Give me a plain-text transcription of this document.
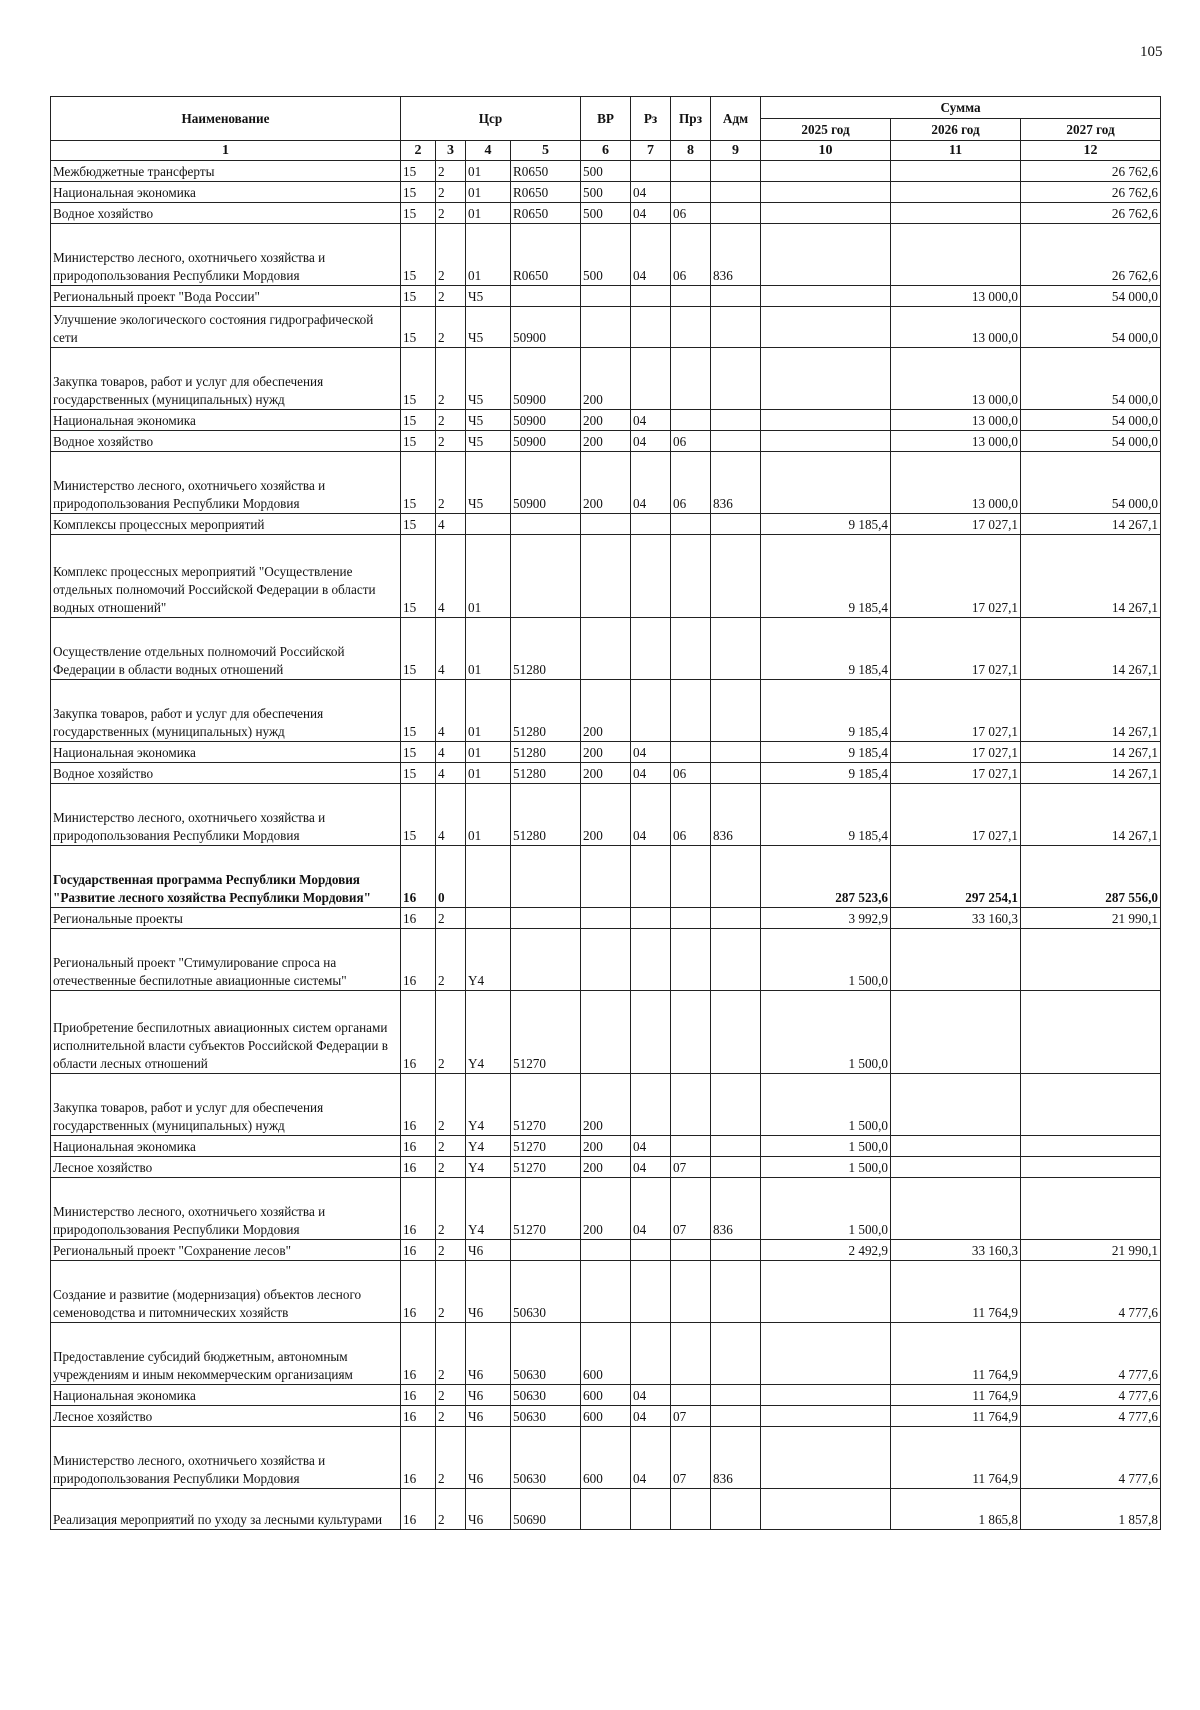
105
Наименование	Цср				ВР	Рз	Прз	Адм	Сумма		
									2025 год	2026 год	2027 год
1	2	3	4	5	6	7	8	9	10	11	12
Межбюджетные трансферты	15	2	01	R0650	500						26 762,6
Национальная экономика	15	2	01	R0650	500	04					26 762,6
Водное хозяйство	15	2	01	R0650	500	04	06				26 762,6
Министерство лесного, охотничьего хозяйства и природопользования Республики Мордовия	15	2	01	R0650	500	04	06	836			26 762,6
Региональный проект "Вода России"	15	2	Ч5							13 000,0	54 000,0
Улучшение экологического состояния гидрографической сети	15	2	Ч5	50900						13 000,0	54 000,0
Закупка товаров, работ и услуг для обеспечения государственных (муниципальных) нужд	15	2	Ч5	50900	200					13 000,0	54 000,0
Национальная экономика	15	2	Ч5	50900	200	04				13 000,0	54 000,0
Водное хозяйство	15	2	Ч5	50900	200	04	06			13 000,0	54 000,0
Министерство лесного, охотничьего хозяйства и природопользования Республики Мордовия	15	2	Ч5	50900	200	04	06	836		13 000,0	54 000,0
Комплексы процессных мероприятий	15	4							9 185,4	17 027,1	14 267,1
Комплекс процессных мероприятий "Осуществление отдельных полномочий Российской Федерации в области водных отношений"	15	4	01						9 185,4	17 027,1	14 267,1
Осуществление отдельных полномочий Российской Федерации в области водных отношений	15	4	01	51280					9 185,4	17 027,1	14 267,1
Закупка товаров, работ и услуг для обеспечения государственных (муниципальных) нужд	15	4	01	51280	200				9 185,4	17 027,1	14 267,1
Национальная экономика	15	4	01	51280	200	04			9 185,4	17 027,1	14 267,1
Водное хозяйство	15	4	01	51280	200	04	06		9 185,4	17 027,1	14 267,1
Министерство лесного, охотничьего хозяйства и природопользования Республики Мордовия	15	4	01	51280	200	04	06	836	9 185,4	17 027,1	14 267,1
Государственная программа Республики Мордовия "Развитие лесного хозяйства Республики Мордовия"	16	0							287 523,6	297 254,1	287 556,0
Региональные проекты	16	2							3 992,9	33 160,3	21 990,1
Региональный проект "Стимулирование спроса на отечественные беспилотные авиационные системы"	16	2	Y4						1 500,0		
Приобретение беспилотных авиационных систем органами исполнительной власти субъектов Российской Федерации в области лесных отношений	16	2	Y4	51270					1 500,0		
Закупка товаров, работ и услуг для обеспечения государственных (муниципальных) нужд	16	2	Y4	51270	200				1 500,0		
Национальная экономика	16	2	Y4	51270	200	04			1 500,0		
Лесное хозяйство	16	2	Y4	51270	200	04	07		1 500,0		
Министерство лесного, охотничьего хозяйства и природопользования Республики Мордовия	16	2	Y4	51270	200	04	07	836	1 500,0		
Региональный проект "Сохранение лесов"	16	2	Ч6						2 492,9	33 160,3	21 990,1
Создание и развитие (модернизация) объектов лесного семеноводства и питомнических хозяйств	16	2	Ч6	50630						11 764,9	4 777,6
Предоставление субсидий бюджетным, автономным учреждениям и иным некоммерческим организациям	16	2	Ч6	50630	600					11 764,9	4 777,6
Национальная экономика	16	2	Ч6	50630	600	04				11 764,9	4 777,6
Лесное хозяйство	16	2	Ч6	50630	600	04	07			11 764,9	4 777,6
Министерство лесного, охотничьего хозяйства и природопользования Республики Мордовия	16	2	Ч6	50630	600	04	07	836		11 764,9	4 777,6
Реализация мероприятий по уходу за лесными культурами	16	2	Ч6	50690						1 865,8	1 857,8
